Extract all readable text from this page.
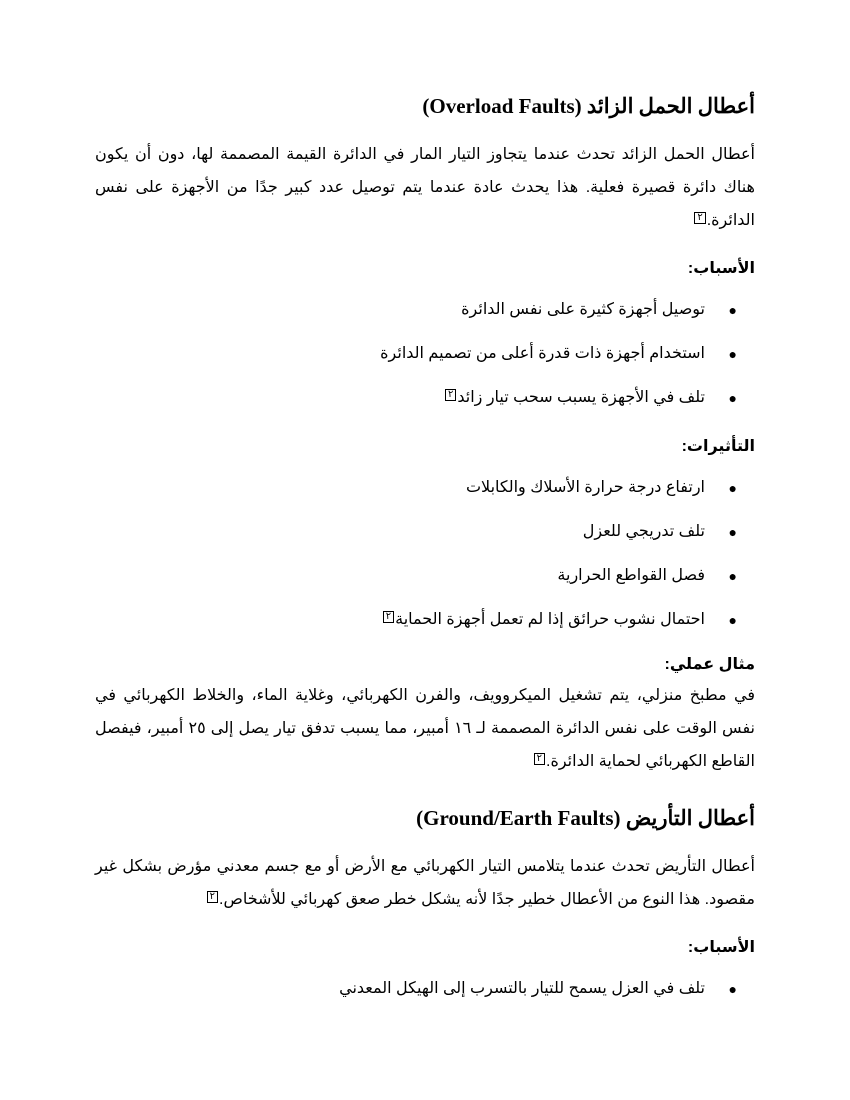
أعطال الحمل الزائد (Overload Faults)

أعطال الحمل الزائد تحدث عندما يتجاوز التيار المار في الدائرة القيمة المصممة لها، دون أن يكون هناك دائرة قصيرة فعلية. هذا يحدث عادة عندما يتم توصيل عدد كبير جدًا من الأجهزة على نفس الدائرة.٢

الأسباب:
●
توصيل أجهزة كثيرة على نفس الدائرة
●
استخدام أجهزة ذات قدرة أعلى من تصميم الدائرة
●
تلف في الأجهزة يسبب سحب تيار زائد٢
التأثيرات:
●
ارتفاع درجة حرارة الأسلاك والكابلات
●
تلف تدريجي للعزل
●
فصل القواطع الحرارية
●
احتمال نشوب حرائق إذا لم تعمل أجهزة الحماية٢
مثال عملي:

في مطبخ منزلي، يتم تشغيل الميكروويف، والفرن الكهربائي، وغلاية الماء، والخلاط الكهربائي في نفس الوقت على نفس الدائرة المصممة لـ ١٦ أمبير، مما يسبب تدفق تيار يصل إلى ٢٥ أمبير، فيفصل القاطع الكهربائي لحماية الدائرة.٢

أعطال التأريض (Ground/Earth Faults)

أعطال التأريض تحدث عندما يتلامس التيار الكهربائي مع الأرض أو مع جسم معدني مؤرض بشكل غير مقصود. هذا النوع من الأعطال خطير جدًا لأنه يشكل خطر صعق كهربائي للأشخاص.٢

الأسباب:
●
تلف في العزل يسمح للتيار بالتسرب إلى الهيكل المعدني
